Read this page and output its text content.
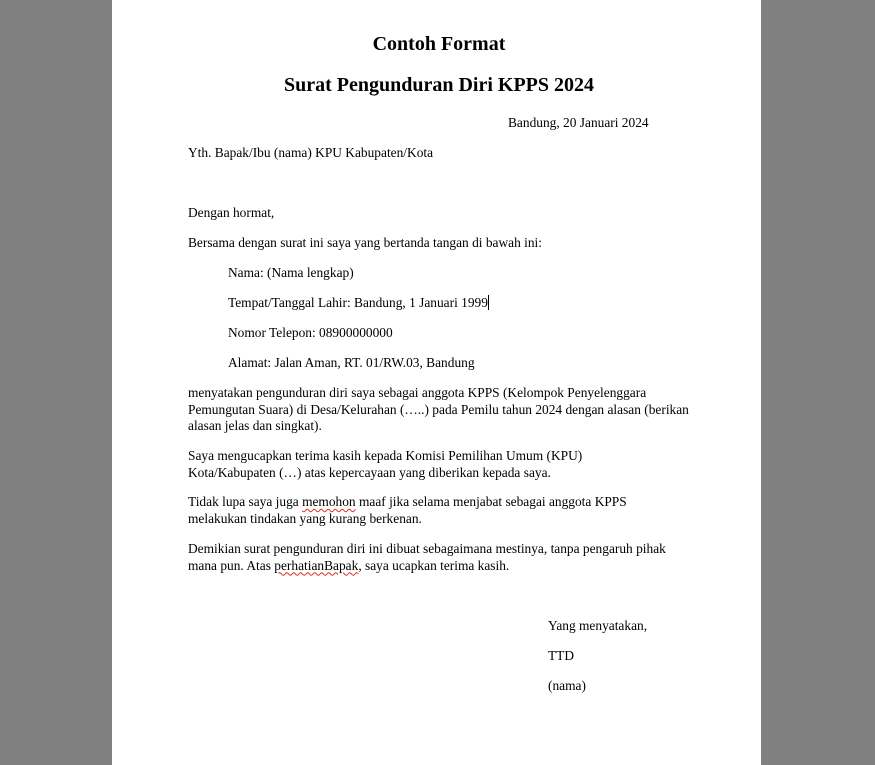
Contoh Format
Surat Pengunduran Diri KPPS 2024
Bandung, 20 Januari 2024
Yth. Bapak/Ibu (nama) KPU Kabupaten/Kota
Dengan hormat,
Bersama dengan surat ini saya yang bertanda tangan di bawah ini:
Nama: (Nama lengkap)
Tempat/Tanggal Lahir: Bandung, 1 Januari 1999
Nomor Telepon: 08900000000
Alamat: Jalan Aman, RT. 01/RW.03, Bandung
menyatakan pengunduran diri saya sebagai anggota KPPS (Kelompok Penyelenggara Pemungutan Suara) di Desa/Kelurahan (…..) pada Pemilu tahun 2024 dengan alasan (berikan alasan jelas dan singkat).
Saya mengucapkan terima kasih kepada Komisi Pemilihan Umum (KPU) Kota/Kabupaten (…) atas kepercayaan yang diberikan kepada saya.
Tidak lupa saya juga memohon maaf jika selama menjabat sebagai anggota KPPS melakukan tindakan yang kurang berkenan.
Demikian surat pengunduran diri ini dibuat sebagaimana mestinya, tanpa pengaruh pihak mana pun. Atas perhatianBapak, saya ucapkan terima kasih.
Yang menyatakan,
TTD
(nama)
